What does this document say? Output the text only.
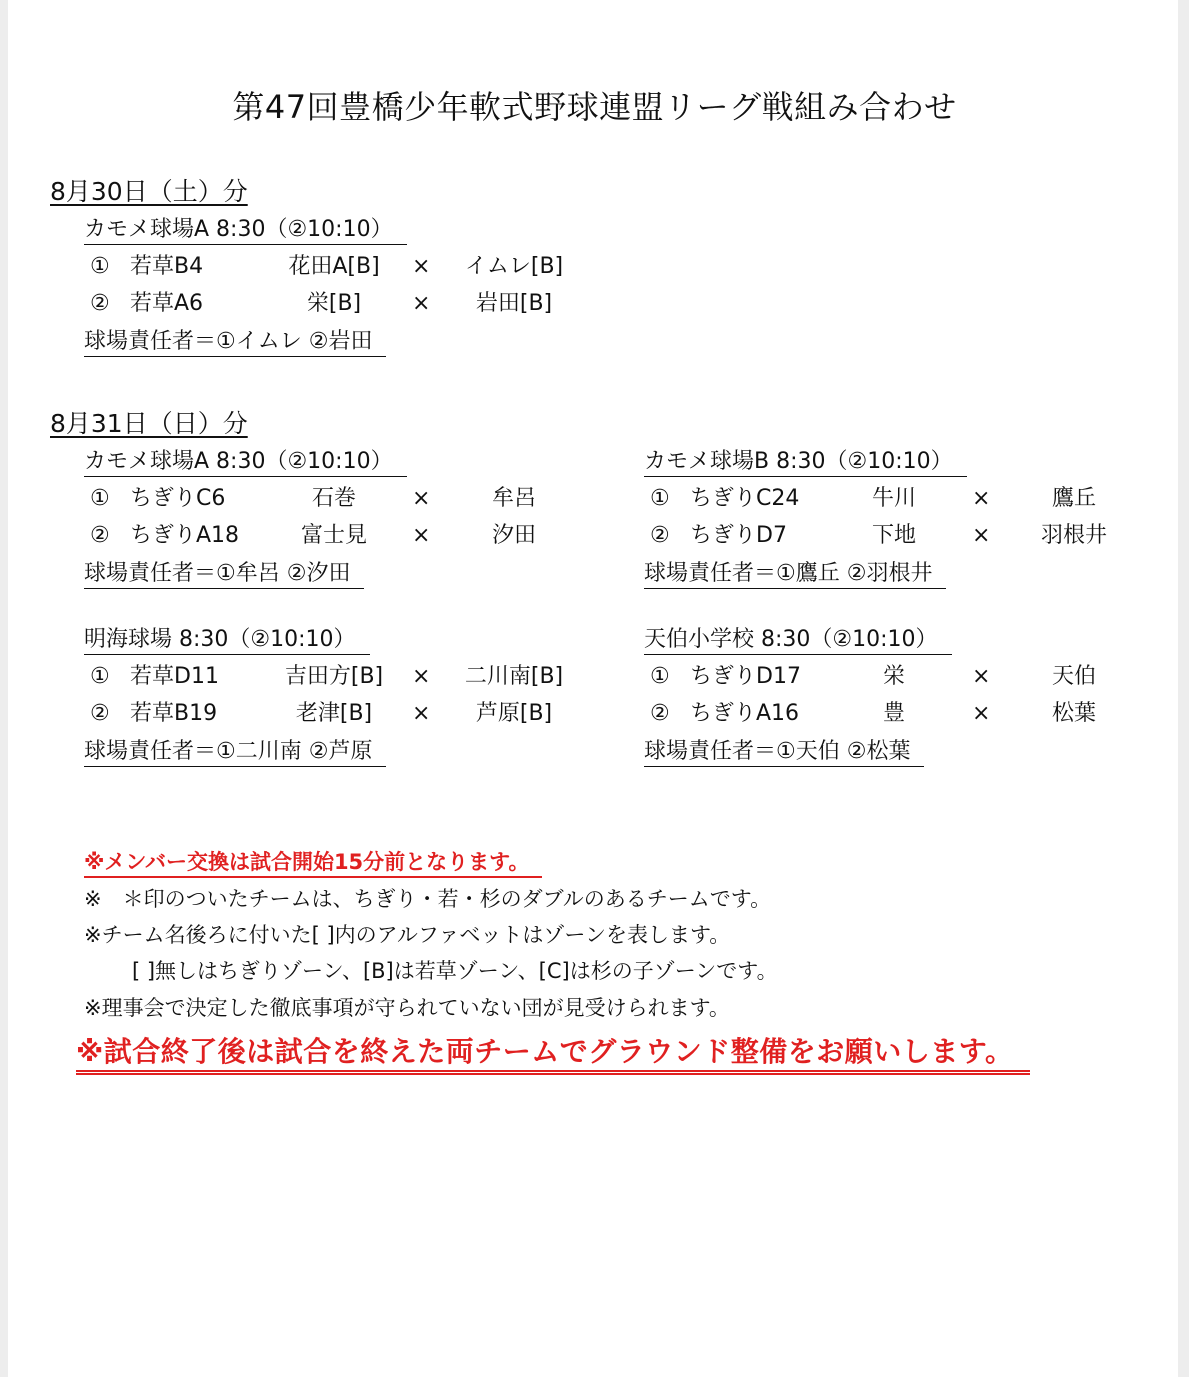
第47回豊橋少年軟式野球連盟リーグ戦組み合わせ
8月30日（土）分
カモメ球場A 8:30（②10:10）
① 若草B4	花田A[B] ×	イムレ[B]
② 若草A6	栄[B]	×	岩田[B]
球場責任者＝①イムレ ②岩田
8月31日（日）分
カモメ球場A 8:30（②10:10）
① ちぎりC6	石巻	×	牟呂
② ちぎりA18	富士見	×	汐田
球場責任者＝①牟呂 ②汐田
カモメ球場B 8:30（②10:10）
① ちぎりC24	牛川	×	鷹丘
② ちぎりD7	下地	×	羽根井
球場責任者＝①鷹丘 ②羽根井
明海球場 8:30（②10:10）
① 若草D11	吉田方[B] ×	二川南[B]
② 若草B19	老津[B]	×	芦原[B]
球場責任者＝①二川南 ②芦原
天伯小学校 8:30（②10:10）
① ちぎりD17	栄	×	天伯
② ちぎりA16	豊	×	松葉
球場責任者＝①天伯 ②松葉
※メンバー交換は試合開始15分前となります。
※　＊印のついたチームは、ちぎり・若・杉のダブルのあるチームです。
※チーム名後ろに付いた[ ]内のアルファベットはゾーンを表します。
[ ]無しはちぎりゾーン、[B]は若草ゾーン、[C]は杉の子ゾーンです。
※理事会で決定した徹底事項が守られていない団が見受けられます。
※試合終了後は試合を終えた両チームでグラウンド整備をお願いします。
